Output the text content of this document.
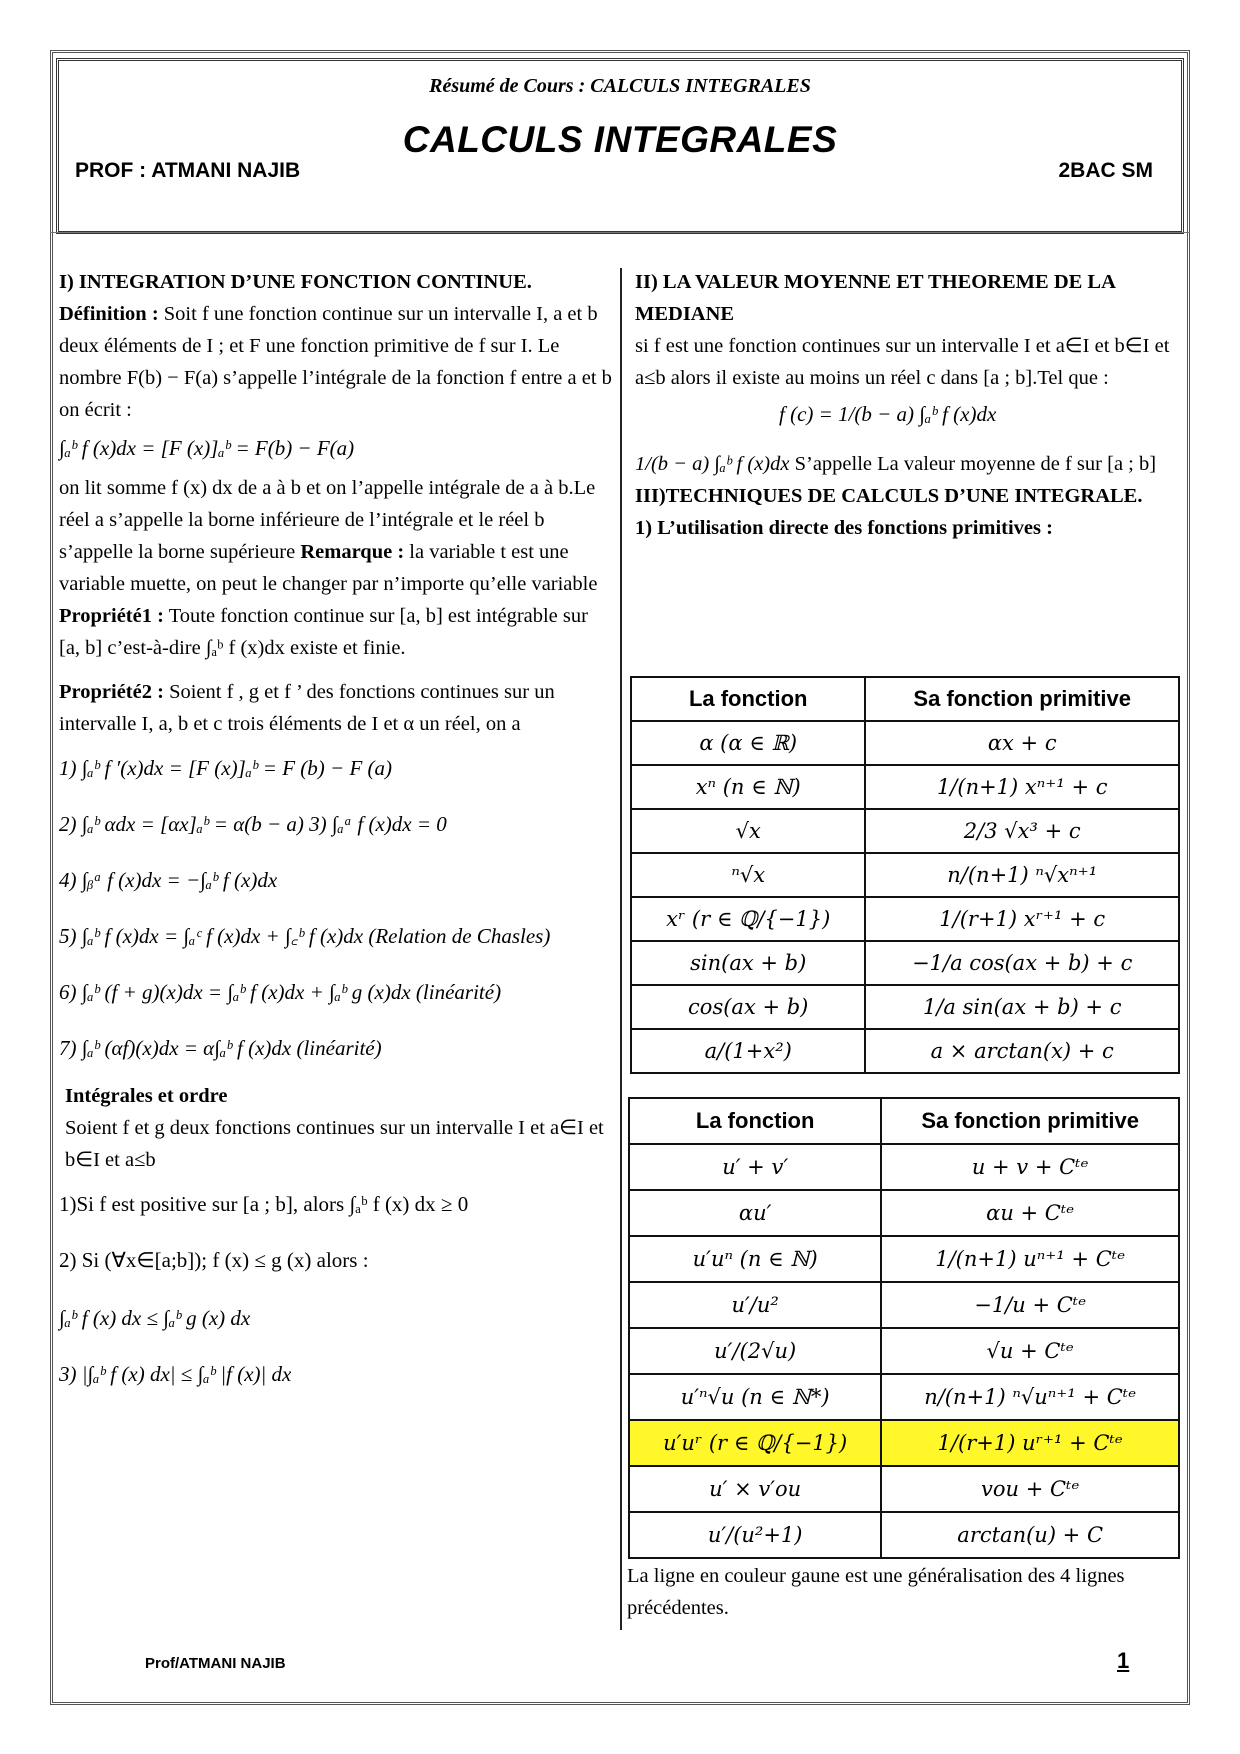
Résumé de Cours : CALCULS INTEGRALES
CALCULS INTEGRALES
PROF : ATMANI NAJIB	2BAC SM

I) INTEGRATION D’UNE FONCTION CONTINUE.

Définition : Soit f une fonction continue sur un intervalle I, a et b deux éléments de I ; et F une fonction primitive de f sur I. Le nombre F(b) − F(a) s’appelle l’intégrale de la fonction f entre a et b on écrit :

∫ₐᵇ f (x)dx = [F (x)]ₐᵇ = F(b) − F(a)

on lit somme f (x) dx de a à b et on l’appelle intégrale de a à b.Le réel a s’appelle la borne inférieure de l’intégrale et le réel b s’appelle la borne supérieure Remarque : la variable t est une variable muette, on peut le changer par n’importe qu’elle variable

Propriété1 : Toute fonction continue sur [a, b] est intégrable sur [a, b] c’est-à-dire ∫ₐᵇ f (x)dx existe et finie.

Propriété2 : Soient f , g et f ’ des fonctions continues sur un intervalle I, a, b et c trois éléments de I et α un réel, on a

1) ∫ₐᵇ f ′(x)dx = [F (x)]ₐᵇ = F (b) − F (a)

2) ∫ₐᵇ αdx = [αx]ₐᵇ = α(b − a) 3) ∫ₐᵃ f (x)dx = 0

4) ∫ᵦᵃ f (x)dx = −∫ₐᵇ f (x)dx

5) ∫ₐᵇ f (x)dx = ∫ₐᶜ f (x)dx + ∫꜀ᵇ f (x)dx (Relation de Chasles)

6) ∫ₐᵇ (f + g)(x)dx = ∫ₐᵇ f (x)dx + ∫ₐᵇ g (x)dx (linéarité)

7) ∫ₐᵇ (αf)(x)dx = α∫ₐᵇ f (x)dx (linéarité)

Intégrales et ordre

Soient f et g deux fonctions continues sur un intervalle I et a∈I et b∈I et a≤b

1)Si f est positive sur [a ; b], alors ∫ₐᵇ f (x) dx ≥ 0

2) Si (∀x∈[a;b]); f (x) ≤ g (x) alors :

∫ₐᵇ f (x) dx ≤ ∫ₐᵇ g (x) dx

3) |∫ₐᵇ f (x) dx| ≤ ∫ₐᵇ |f (x)| dx

II) LA VALEUR MOYENNE ET THEOREME DE LA MEDIANE

si f est une fonction continues sur un intervalle I et a∈I et b∈I et a≤b alors il existe au moins un réel c dans [a ; b].Tel que :

f (c) = 1/(b − a) ∫ₐᵇ f (x)dx

1/(b − a) ∫ₐᵇ f (x)dx S’appelle La valeur moyenne de f sur [a ; b]

III)TECHNIQUES DE CALCULS D’UNE INTEGRALE.

1) L’utilisation directe des fonctions primitives :

La fonction	Sa fonction primitive
α (α ∈ ℝ)	αx + c
xⁿ (n ∈ ℕ)	1/(n+1) xⁿ⁺¹ + c
√x	2/3 √x³ + c
ⁿ√x	n/(n+1) ⁿ√xⁿ⁺¹
xʳ (r ∈ ℚ/{−1})	1/(r+1) xʳ⁺¹ + c
sin(ax + b)	−1/a cos(ax + b) + c
cos(ax + b)	1/a sin(ax + b) + c
a/(1+x²)	a × arctan(x) + c
La fonction	Sa fonction primitive
u′ + v′	u + v + Cᵗᵉ
αu′	αu + Cᵗᵉ
u′uⁿ (n ∈ ℕ)	1/(n+1) uⁿ⁺¹ + Cᵗᵉ
u′/u²	−1/u + Cᵗᵉ
u′/(2√u)	√u + Cᵗᵉ
u′ⁿ√u (n ∈ ℕ*)	n/(n+1) ⁿ√uⁿ⁺¹ + Cᵗᵉ
u′uʳ (r ∈ ℚ/{−1})	1/(r+1) uʳ⁺¹ + Cᵗᵉ
u′ × v′ou	vou + Cᵗᵉ
u′/(u²+1)	arctan(u) + C
La ligne en couleur gaune est une généralisation des 4 lignes précédentes.
Prof/ATMANI NAJIB	1
